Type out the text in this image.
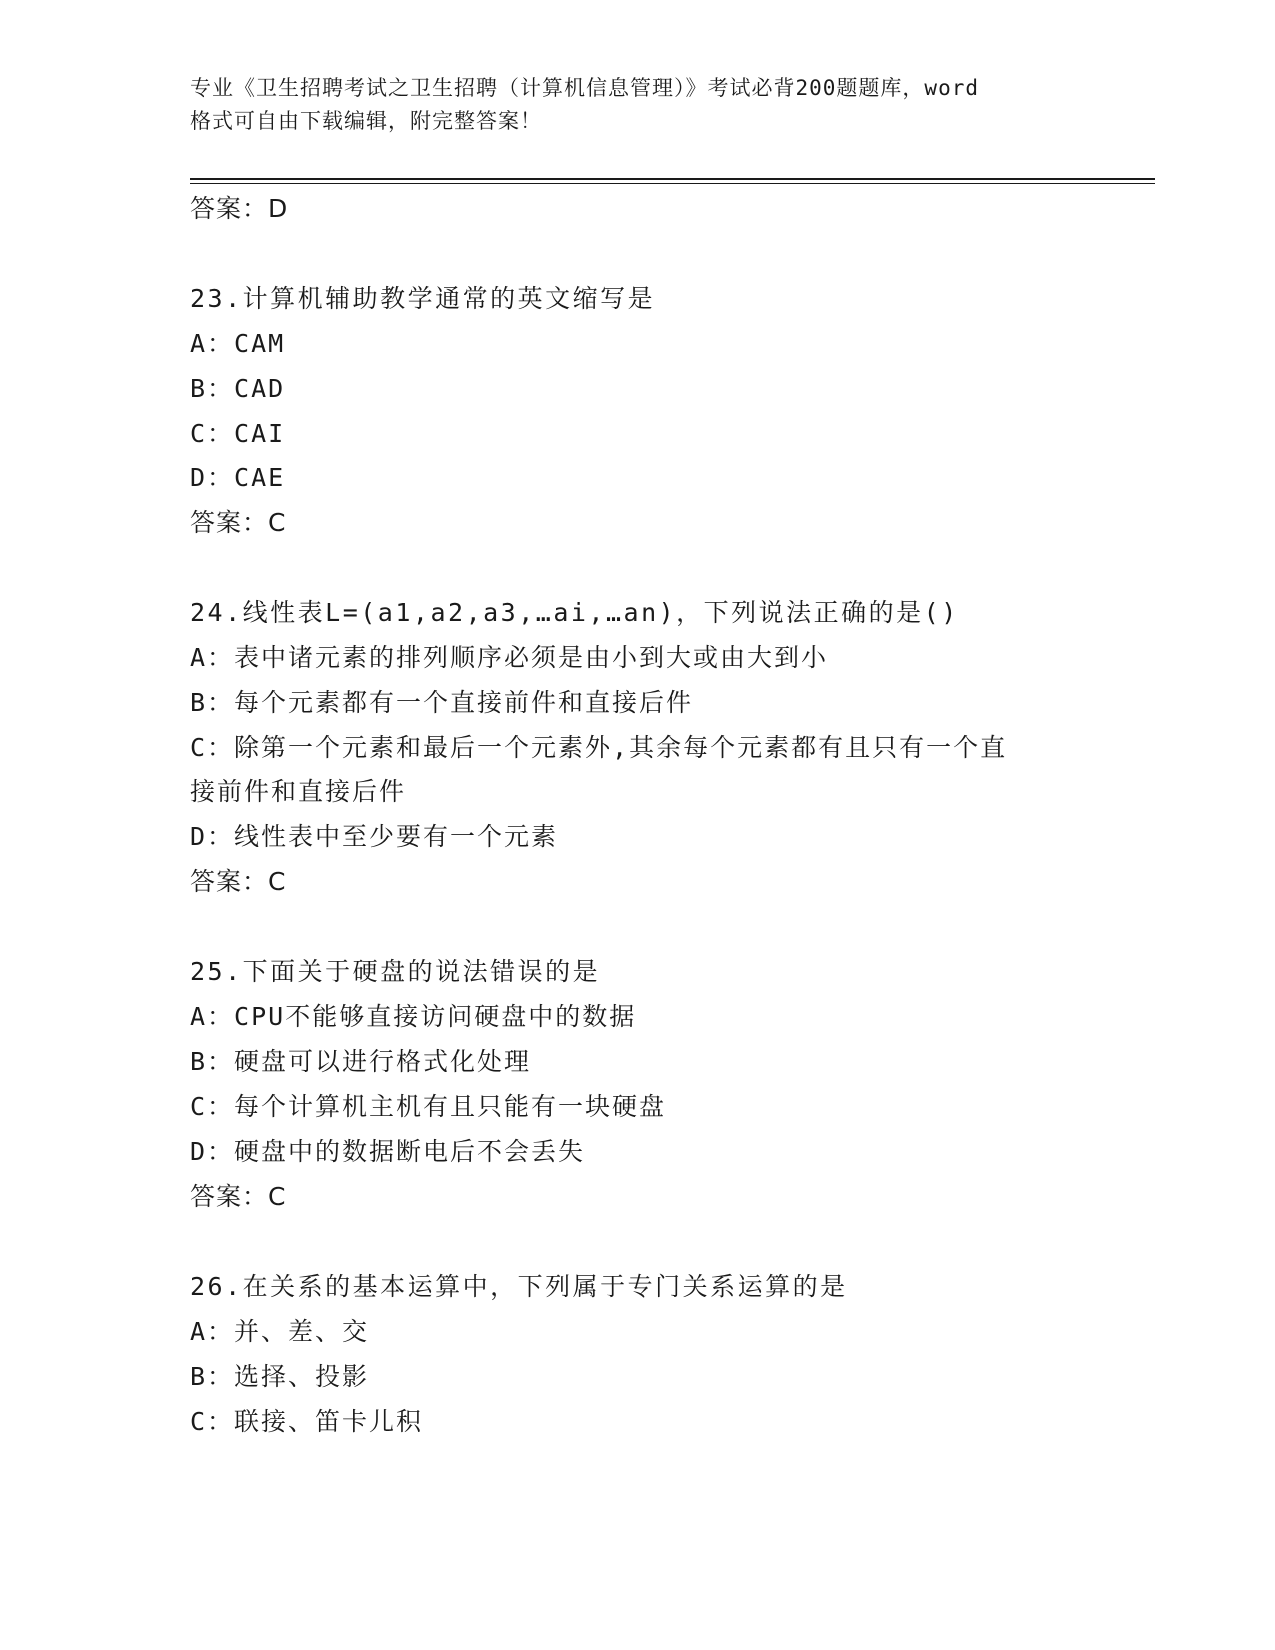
专业《卫生招聘考试之卫生招聘（计算机信息管理）》考试必背200题题库，word
格式可自由下载编辑，附完整答案！
答案：D
23.计算机辅助教学通常的英文缩写是
A：CAM
B：CAD
C：CAI
D：CAE
答案：C
24.线性表L=(a1,a2,a3,…ai,…an)，下列说法正确的是()
A：表中诸元素的排列顺序必须是由小到大或由大到小
B：每个元素都有一个直接前件和直接后件
C：除第一个元素和最后一个元素外,其余每个元素都有且只有一个直
接前件和直接后件
D：线性表中至少要有一个元素
答案：C
25.下面关于硬盘的说法错误的是
A：CPU不能够直接访问硬盘中的数据
B：硬盘可以进行格式化处理
C：每个计算机主机有且只能有一块硬盘
D：硬盘中的数据断电后不会丢失
答案：C
26.在关系的基本运算中，下列属于专门关系运算的是
A：并、差、交
B：选择、投影
C：联接、笛卡儿积
